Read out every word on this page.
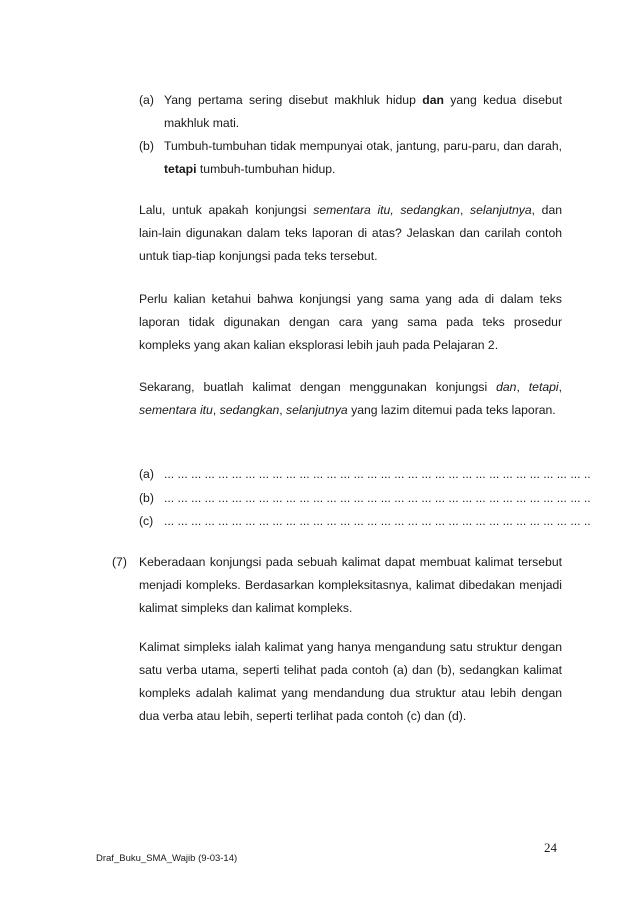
(a) Yang pertama sering disebut makhluk hidup dan yang kedua disebut makhluk mati.
(b) Tumbuh-tumbuhan tidak mempunyai otak, jantung, paru-paru, dan darah, tetapi tumbuh-tumbuhan hidup.
Lalu, untuk apakah konjungsi sementara itu, sedangkan, selanjutnya, dan lain-lain digunakan dalam teks laporan di atas? Jelaskan dan carilah contoh untuk tiap-tiap konjungsi pada teks tersebut.
Perlu kalian ketahui bahwa konjungsi yang sama yang ada di dalam teks laporan tidak digunakan dengan cara yang sama pada teks prosedur kompleks yang akan kalian eksplorasi lebih jauh pada Pelajaran 2.
Sekarang, buatlah kalimat dengan menggunakan konjungsi dan, tetapi, sementara itu, sedangkan, selanjutnya yang lazim ditemui pada teks laporan.
(a) ... ... ... ... ... ... ... ... ... ... ... ... ... ... ... ... ... ... ... ... ... ... ... ... ... ... ... ... ... ... ... ..
(b) ... ... ... ... ... ... ... ... ... ... ... ... ... ... ... ... ... ... ... ... ... ... ... ... ... ... ... ... ... ... ... ..
(c) ... ... ... ... ... ... ... ... ... ... ... ... ... ... ... ... ... ... ... ... ... ... ... ... ... ... ... ... ... ... ... ..
(7) Keberadaan konjungsi pada sebuah kalimat dapat membuat kalimat tersebut menjadi kompleks. Berdasarkan kompleksitasnya, kalimat dibedakan menjadi kalimat simpleks dan kalimat kompleks.
Kalimat simpleks ialah kalimat yang hanya mengandung satu struktur dengan satu verba utama, seperti telihat pada contoh (a) dan (b), sedangkan kalimat kompleks adalah kalimat yang mendandung dua struktur atau lebih dengan dua verba atau lebih, seperti terlihat pada contoh (c) dan (d).
Draf_Buku_SMA_Wajib (9-03-14)
24
